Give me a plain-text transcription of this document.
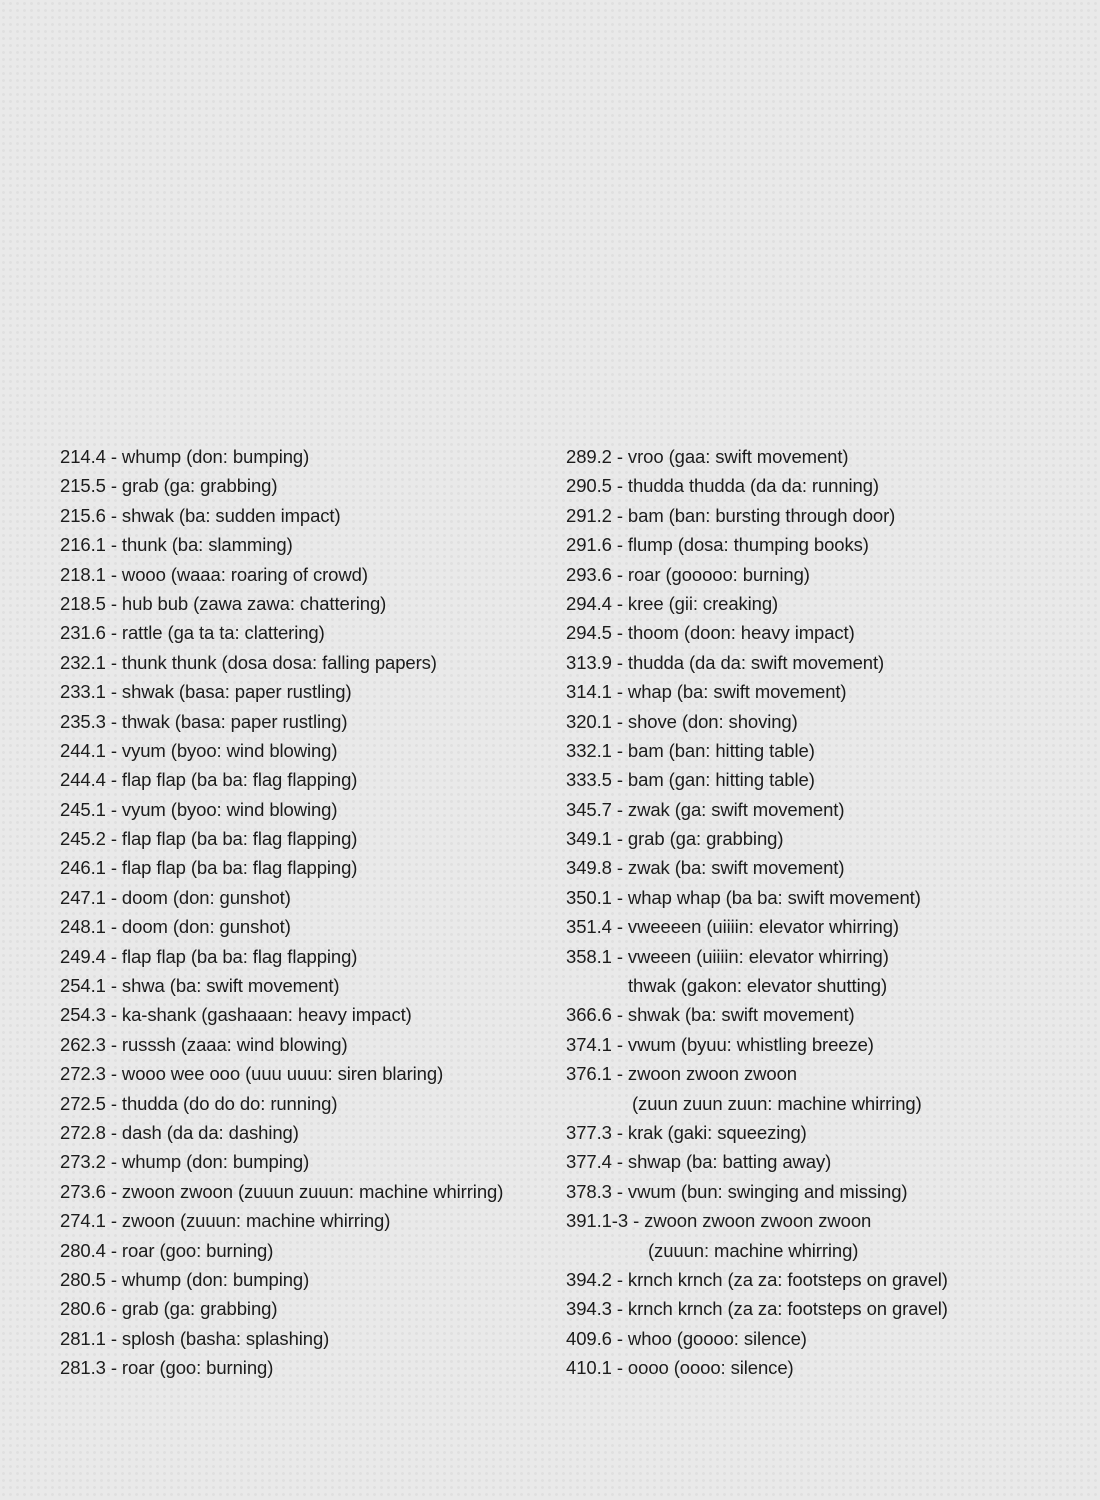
214.4 - whump (don: bumping)
215.5 - grab (ga: grabbing)
215.6 - shwak (ba: sudden impact)
216.1 - thunk (ba: slamming)
218.1 - wooo (waaa: roaring of crowd)
218.5 - hub bub (zawa zawa: chattering)
231.6 - rattle (ga ta ta: clattering)
232.1 - thunk thunk (dosa dosa: falling papers)
233.1 - shwak (basa: paper rustling)
235.3 - thwak (basa: paper rustling)
244.1 - vyum (byoo: wind blowing)
244.4 - flap flap (ba ba: flag flapping)
245.1 - vyum (byoo: wind blowing)
245.2 - flap flap (ba ba: flag flapping)
246.1 - flap flap (ba ba: flag flapping)
247.1 - doom (don: gunshot)
248.1 - doom (don: gunshot)
249.4 - flap flap (ba ba: flag flapping)
254.1 - shwa (ba: swift movement)
254.3 - ka-shank (gashaaan: heavy impact)
262.3 - russsh (zaaa: wind blowing)
272.3 - wooo wee ooo (uuu uuuu: siren blaring)
272.5 - thudda (do do do: running)
272.8 - dash (da da: dashing)
273.2 - whump (don: bumping)
273.6 - zwoon zwoon (zuuun zuuun: machine whirring)
274.1 - zwoon (zuuun: machine whirring)
280.4 - roar (goo: burning)
280.5 - whump (don: bumping)
280.6 - grab (ga: grabbing)
281.1 - splosh (basha: splashing)
281.3 - roar (goo: burning)
289.2 - vroo (gaa: swift movement)
290.5 - thudda thudda (da da: running)
291.2 - bam (ban: bursting through door)
291.6 - flump (dosa: thumping books)
293.6 - roar (gooooo: burning)
294.4 - kree (gii: creaking)
294.5 - thoom (doon: heavy impact)
313.9 - thudda (da da: swift movement)
314.1 - whap (ba: swift movement)
320.1 - shove (don: shoving)
332.1 - bam (ban: hitting table)
333.5 - bam (gan: hitting table)
345.7 - zwak (ga: swift movement)
349.1 - grab (ga: grabbing)
349.8 - zwak (ba: swift movement)
350.1 - whap whap (ba ba: swift movement)
351.4 - vweeeen (uiiiin: elevator whirring)
358.1 - vweeen (uiiiin: elevator whirring)
thwak (gakon: elevator shutting)
366.6 - shwak (ba: swift movement)
374.1 - vwum (byuu: whistling breeze)
376.1 - zwoon zwoon zwoon
(zuun zuun zuun: machine whirring)
377.3 - krak (gaki: squeezing)
377.4 - shwap (ba: batting away)
378.3 - vwum (bun: swinging and missing)
391.1-3 - zwoon zwoon zwoon zwoon
(zuuun: machine whirring)
394.2 - krnch krnch (za za: footsteps on gravel)
394.3 - krnch krnch (za za: footsteps on gravel)
409.6 - whoo (goooo: silence)
410.1 - oooo (oooo: silence)
